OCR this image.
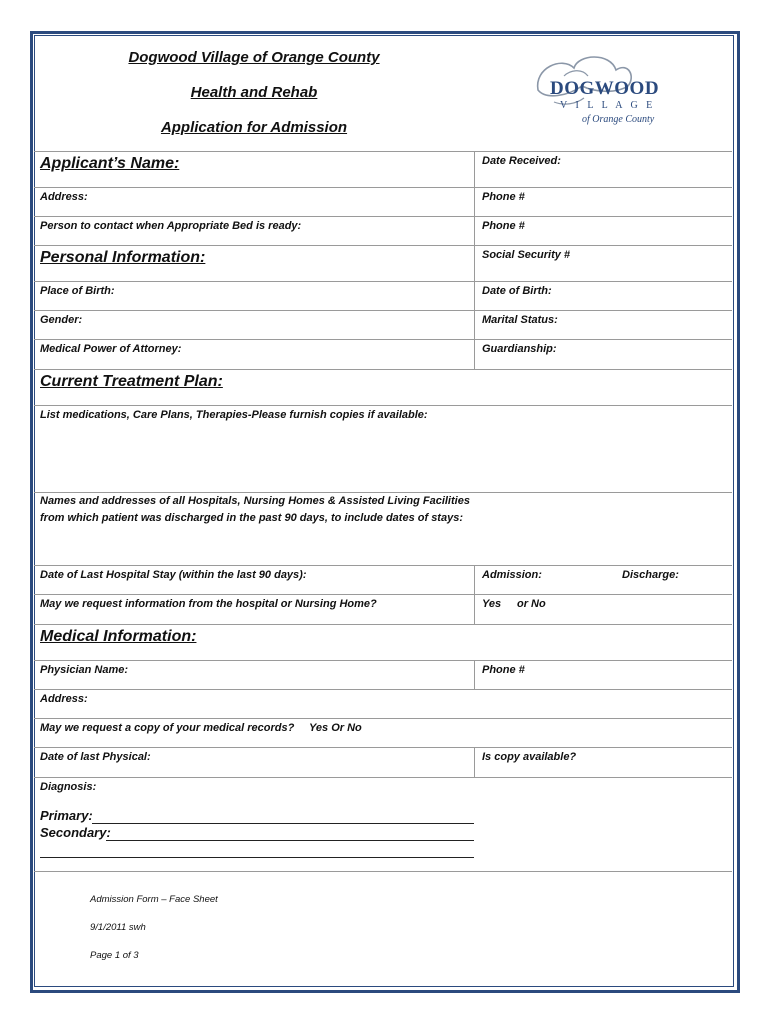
Dogwood Village of Orange County
Health and Rehab
Application for Admission
DOGWOOD
V I L L A G E
of Orange County
Applicant’s Name:	Date Received:
Address:	Phone #
Person to contact when Appropriate Bed is ready:	Phone #
Personal Information:	Social Security #
Place of Birth:	Date of Birth:
Gender:	Marital Status:
Medical Power of Attorney:	Guardianship:
Current Treatment Plan:
List medications, Care Plans, Therapies-Please furnish copies if available:
Names and addresses of all Hospitals, Nursing Homes & Assisted Living Facilities
from which patient was discharged in the past 90 days, to include dates of stays:
Date of Last Hospital Stay (within the last 90 days):	Admission:	Discharge:
May we request information from the hospital or Nursing Home?	Yes or No
Medical Information:
Physician Name:	Phone #
Address:
May we request a copy of your medical records? Yes Or No
Date of last Physical:	Is copy available?
Diagnosis:
Primary:
Secondary:
Admission Form – Face Sheet
9/1/2011 swh
Page 1 of 3
